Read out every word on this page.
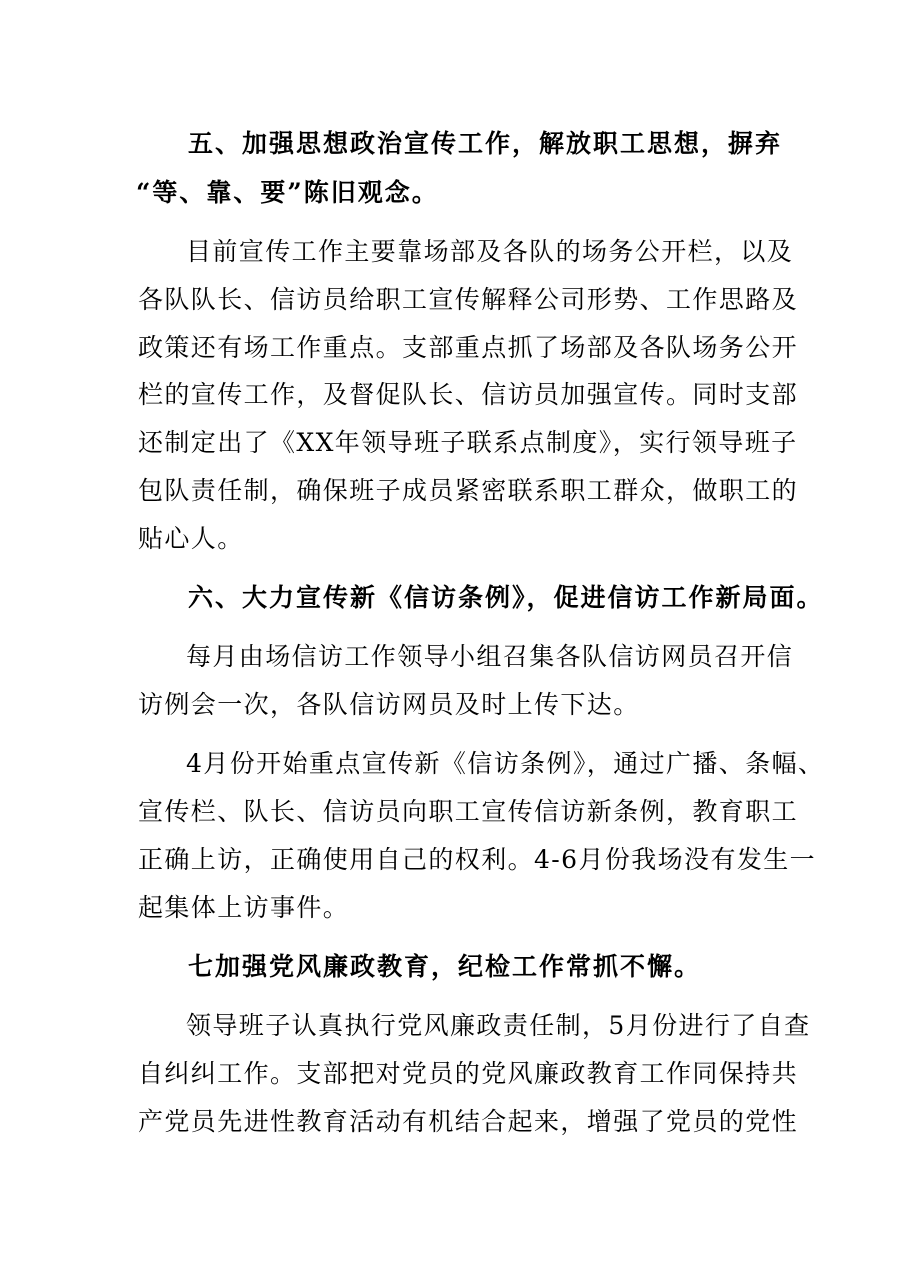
五、加强思想政治宣传工作，解放职工思想，摒弃
“等、靠、要”陈旧观念。
目前宣传工作主要靠场部及各队的场务公开栏，以及
各队队长、信访员给职工宣传解释公司形势、工作思路及
政策还有场工作重点。支部重点抓了场部及各队场务公开
栏的宣传工作，及督促队长、信访员加强宣传。同时支部
还制定出了《XX年领导班子联系点制度》，实行领导班子
包队责任制，确保班子成员紧密联系职工群众，做职工的
贴心人。
六、大力宣传新《信访条例》，促进信访工作新局面。
每月由场信访工作领导小组召集各队信访网员召开信
访例会一次，各队信访网员及时上传下达。
4月份开始重点宣传新《信访条例》，通过广播、条幅、
宣传栏、队长、信访员向职工宣传信访新条例，教育职工
正确上访，正确使用自己的权利。4-6月份我场没有发生一
起集体上访事件。
七加强党风廉政教育，纪检工作常抓不懈。
领导班子认真执行党风廉政责任制，5月份进行了自查
自纠纠工作。支部把对党员的党风廉政教育工作同保持共
产党员先进性教育活动有机结合起来，增强了党员的党性
